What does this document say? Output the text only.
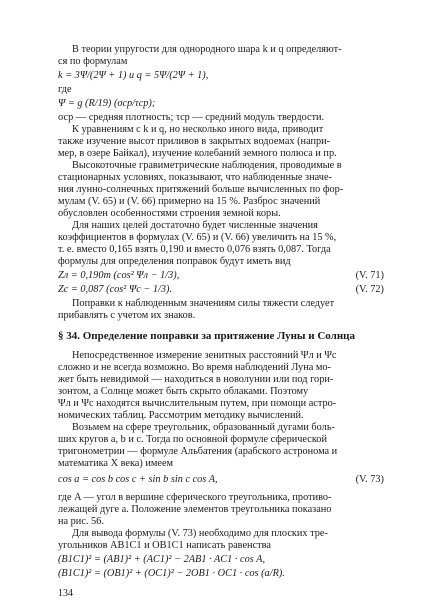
В теории упругости для однородного шара k и q определяют-
ся по формулам
k = 3Ψ/(2Ψ + 1) и q = 5Ψ/(2Ψ + 1),
где
Ψ = g (R/19) (σср/τср);
σср — средняя плотность; τср — средний модуль твердости.
К уравнениям с k и q, но несколько иного вида, приводит
также изучение высот приливов в закрытых водоемах (напри-
мер, в озере Байкал), изучение колебаний земного полюса и пр.
Высокоточные гравиметрические наблюдения, проводимые в
стационарных условиях, показывают, что наблюденные значе-
ния лунно-солнечных притяжений больше вычисленных по фор-
мулам (V. 65) и (V. 66) примерно на 15 %. Разброс значений
обусловлен особенностями строения земной коры.
Для наших целей достаточно будет численные значения
коэффициентов в формулах (V. 65) и (V. 66) увеличить на 15 %,
т. е. вместо 0,165 взять 0,190 и вместо 0,076 взять 0,087. Тогда
формулы для определения поправок будут иметь вид
Zл = 0,190m (cos² Ψл − 1/3),	(V. 71)
Zс = 0,087 (cos² Ψс − 1/3).	(V. 72)
Поправки к наблюденным значениям силы тяжести следует
прибавлять с учетом их знаков.
§ 34. Определение поправки за притяжение Луны и Солнца
Непосредственное измерение зенитных расстояний Ψл и Ψс
сложно и не всегда возможно. Во время наблюдений Луна мо-
жет быть невидимой — находиться в новолунии или под гори-
зонтом, а Солнце может быть скрыто облаками. Поэтому
Ψл и Ψс находятся вычислительным путем, при помощи астро-
номических таблиц. Рассмотрим методику вычислений.
Возьмем на сфере треугольник, образованный дугами боль-
ших кругов a, b и c. Тогда по основной формуле сферической
тригонометрии — формуле Альбатения (арабского астронома и
математика X века) имеем
cos a = cos b cos c + sin b sin c cos A,	(V. 73)
где A — угол в вершине сферического треугольника, противо-
лежащей дуге a. Положение элементов треугольника показано
на рис. 56.
Для вывода формулы (V. 73) необходимо для плоских тре-
угольников AB1C1 и OB1C1 написать равенства
(B1C1)² = (AB1)² + (AC1)² − 2AB1 · AC1 · cos A,
(B1C1)² = (OB1)² + (OC1)² − 2OB1 · OC1 · cos (a/R).
134
